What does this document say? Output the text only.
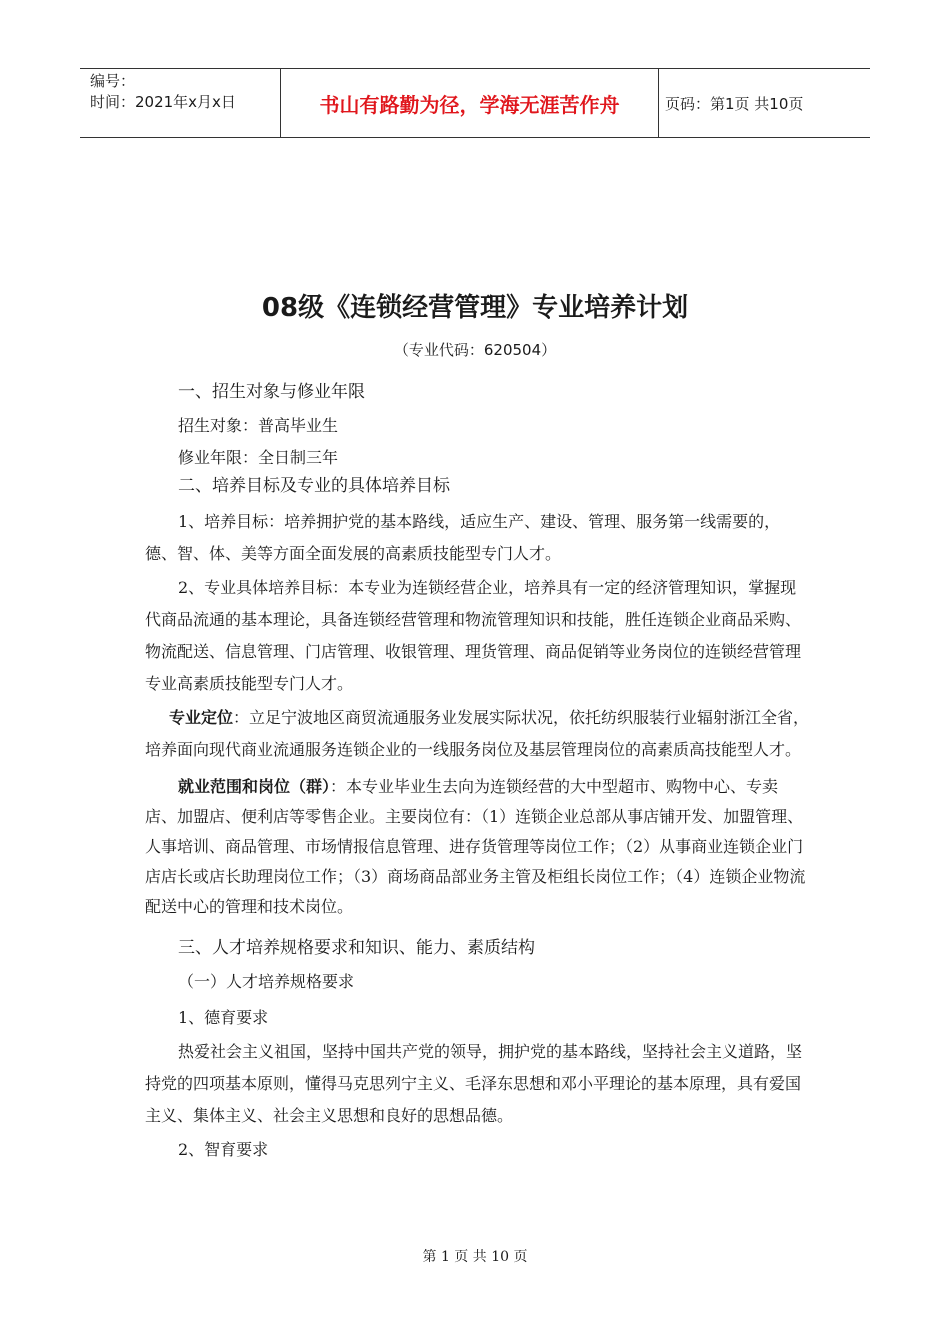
编号：
时间：2021年x月x日	书山有路勤为径，学海无涯苦作舟	页码：第1页 共10页
08级《连锁经营管理》专业培养计划
（专业代码：620504）
一、招生对象与修业年限
招生对象：普高毕业生
修业年限：全日制三年
二、培养目标及专业的具体培养目标
1、培养目标：培养拥护党的基本路线，适应生产、建设、管理、服务第一线需要的，德、智、体、美等方面全面发展的高素质技能型专门人才。
2、专业具体培养目标：本专业为连锁经营企业，培养具有一定的经济管理知识，掌握现代商品流通的基本理论，具备连锁经营管理和物流管理知识和技能，胜任连锁企业商品采购、物流配送、信息管理、门店管理、收银管理、理货管理、商品促销等业务岗位的连锁经营管理专业高素质技能型专门人才。
专业定位：立足宁波地区商贸流通服务业发展实际状况，依托纺织服装行业辐射浙江全省，培养面向现代商业流通服务连锁企业的一线服务岗位及基层管理岗位的高素质高技能型人才。
就业范围和岗位（群）：本专业毕业生去向为连锁经营的大中型超市、购物中心、专卖店、加盟店、便利店等零售企业。主要岗位有：（1）连锁企业总部从事店铺开发、加盟管理、人事培训、商品管理、市场情报信息管理、进存货管理等岗位工作；（2）从事商业连锁企业门店店长或店长助理岗位工作；（3）商场商品部业务主管及柜组长岗位工作；（4）连锁企业物流配送中心的管理和技术岗位。
三、人才培养规格要求和知识、能力、素质结构
（一）人才培养规格要求
1、德育要求
热爱社会主义祖国，坚持中国共产党的领导，拥护党的基本路线，坚持社会主义道路，坚持党的四项基本原则，懂得马克思列宁主义、毛泽东思想和邓小平理论的基本原理，具有爱国主义、集体主义、社会主义思想和良好的思想品德。
2、智育要求
第 1 页 共 10 页
